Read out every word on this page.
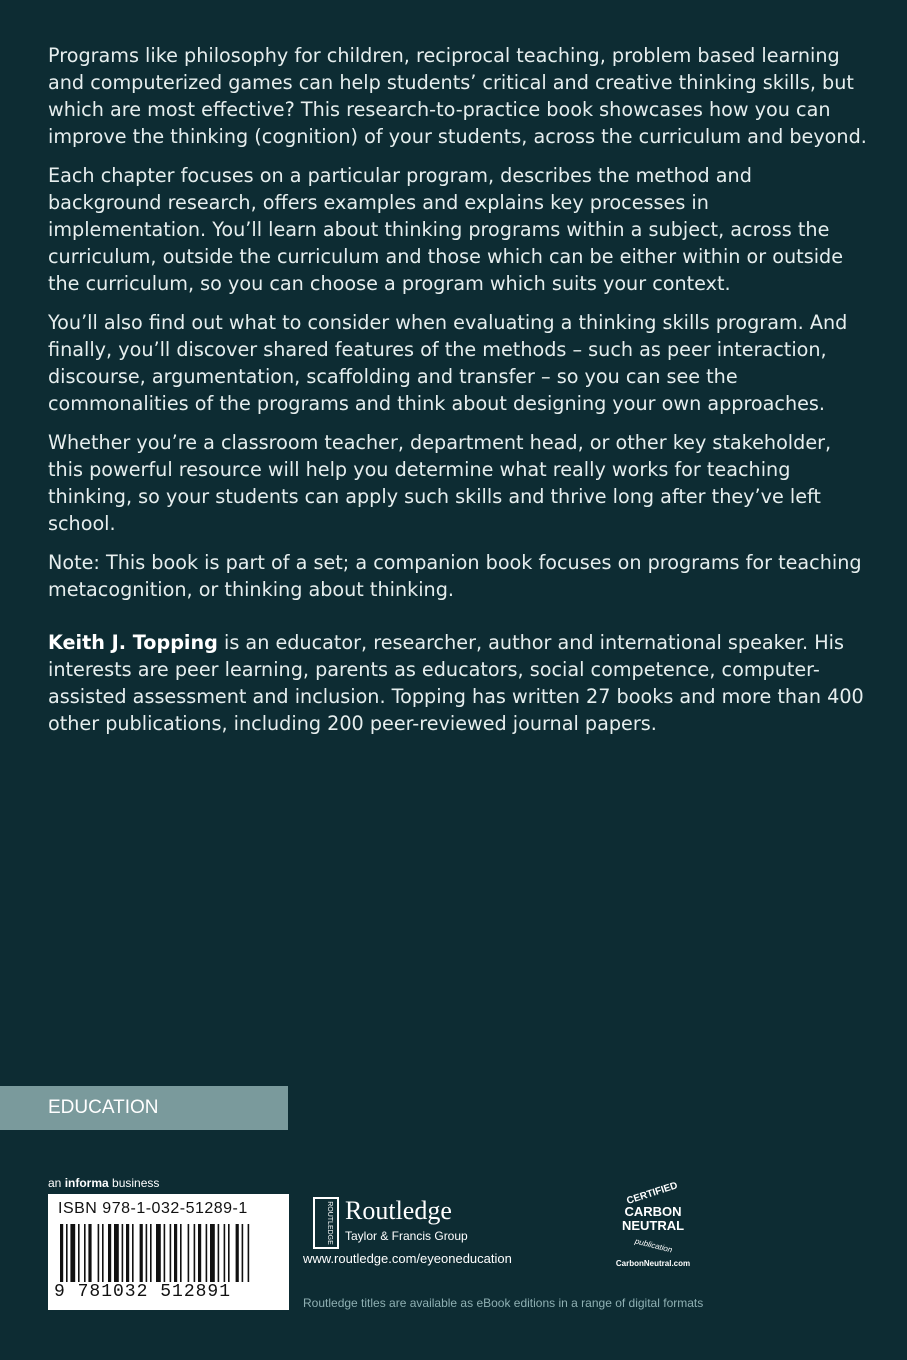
Programs like philosophy for children, reciprocal teaching, problem based learning and computerized games can help students’ critical and creative thinking skills, but which are most effective? This research-to-practice book showcases how you can improve the thinking (cognition) of your students, across the curriculum and beyond.

Each chapter focuses on a particular program, describes the method and background research, offers examples and explains key processes in implementation. You’ll learn about thinking programs within a subject, across the curriculum, outside the curriculum and those which can be either within or outside the curriculum, so you can choose a program which suits your context.

You’ll also find out what to consider when evaluating a thinking skills program. And finally, you’ll discover shared features of the methods – such as peer interaction, discourse, argumentation, scaffolding and transfer – so you can see the commonalities of the programs and think about designing your own approaches.

Whether you’re a classroom teacher, department head, or other key stakeholder, this powerful resource will help you determine what really works for teaching thinking, so your students can apply such skills and thrive long after they’ve left school.

Note: This book is part of a set; a companion book focuses on programs for teaching metacognition, or thinking about thinking.

Keith J. Topping is an educator, researcher, author and international speaker. His interests are peer learning, parents as educators, social competence, computer-assisted assessment and inclusion. Topping has written 27 books and more than 400 other publications, including 200 peer-reviewed journal papers.

EDUCATION
an informa business
ISBN 978-1-032-51289-1
9 781032 512891
ROUTLEDGE Routledge
Taylor & Francis Group
www.routledge.com/eyeoneducation
Routledge titles are available as eBook editions in a range of digital formats
CERTIFIED
CARBON
NEUTRAL
publication
CarbonNeutral.com
